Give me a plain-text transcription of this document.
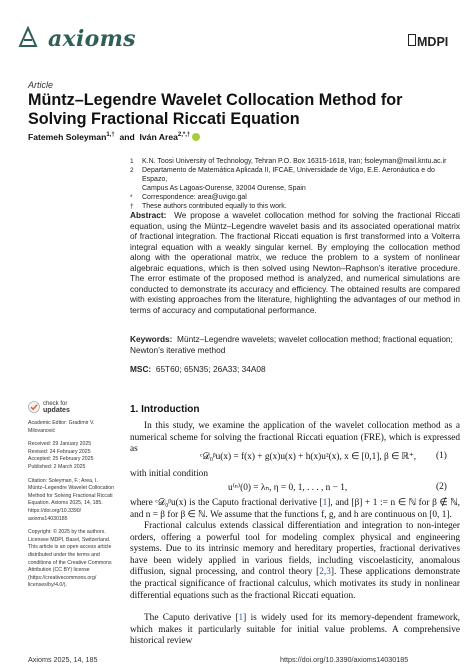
axioms	MDPI
Article
Müntz–Legendre Wavelet Collocation Method for Solving Fractional Riccati Equation
Fatemeh Soleyman$^{1,\dagger}$ and Iván Area$^{2,*,\dagger}$
1	K.N. Toosi University of Technology, Tehran P.O. Box 16315-1618, Iran; fsoleyman@mail.kntu.ac.ir
2	Departamento de Matemática Aplicada II, IFCAE, Universidade de Vigo, E.E. Aeronáutica e do Espazo,
Campus As Lagoas-Ourense, 32004 Ourense, Spain
*	Correspondence: area@uvigo.gal
†	These authors contributed equally to this work.
Abstract: We propose a wavelet collocation method for solving the fractional Riccati equation, using the Müntz–Legendre wavelet basis and its associated operational matrix of fractional integration. The fractional Riccati equation is first transformed into a Volterra integral equation with a weakly singular kernel. By employing the collocation method along with the operational matrix, we reduce the problem to a system of nonlinear algebraic equations, which is then solved using Newton–Raphson’s iterative procedure. The error estimate of the proposed method is analyzed, and numerical simulations are conducted to demonstrate its accuracy and efficiency. The obtained results are compared with existing approaches from the literature, highlighting the advantages of our method in terms of accuracy and computational performance.
Keywords: Müntz–Legendre wavelets; wavelet collocation method; fractional equation; Newton’s iterative method
MSC: 65T60; 65N35; 26A33; 34A08
check for
updates
Academic Editor: Gradimir V.
Milovanović
Received: 29 January 2025
Revised: 24 February 2025
Accepted: 25 February 2025
Published: 2 March 2025
Citation: Soleyman, F.; Area, I.
Müntz–Legendre Wavelet Collocation
Method for Solving Fractional Riccati
Equation. Axioms 2025, 14, 185.
https://doi.org/10.3390/
axioms14030185
Copyright: © 2025 by the authors.
Licensee MDPI, Basel, Switzerland.
This article is an open access article
distributed under the terms and
conditions of the Creative Commons
Attribution (CC BY) license
(https://creativecommons.org/
licenses/by/4.0/).
1. Introduction
In this study, we examine the application of the wavelet collocation method as a numerical scheme for solving the fractional Riccati equation (FRE), which is expressed as
ᶜ𝒟₀ᵝu(x) = f(x) + g(x)u(x) + h(x)u²(x), x ∈ [0,1], β ∈ ℝ⁺, (1)
with initial condition
u⁽ⁿ⁾(0) = λₙ, η = 0, 1, . . . , n − 1,	(2)
where ᶜ𝒟₀ᵝu(x) is the Caputo fractional derivative [1], and [β] + 1 := n ∈ ℕ for β ∉ ℕ, and n = β for β ∈ ℕ. We assume that the functions f, g, and h are continuous on [0, 1].
Fractional calculus extends classical differentiation and integration to non-integer orders, offering a powerful tool for modeling complex physical and engineering systems. Due to its intrinsic memory and hereditary properties, fractional derivatives have been widely applied in various fields, including viscoelasticity, anomalous diffusion, signal processing, and control theory [2,3]. These applications demonstrate the practical significance of fractional calculus, which motivates its study in nonlinear differential equations such as the fractional Riccati equation.
The Caputo derivative [1] is widely used for its memory-dependent framework, which makes it particularly suitable for initial value problems. A comprehensive historical review
Axioms 2025, 14, 185	https://doi.org/10.3390/axioms14030185
